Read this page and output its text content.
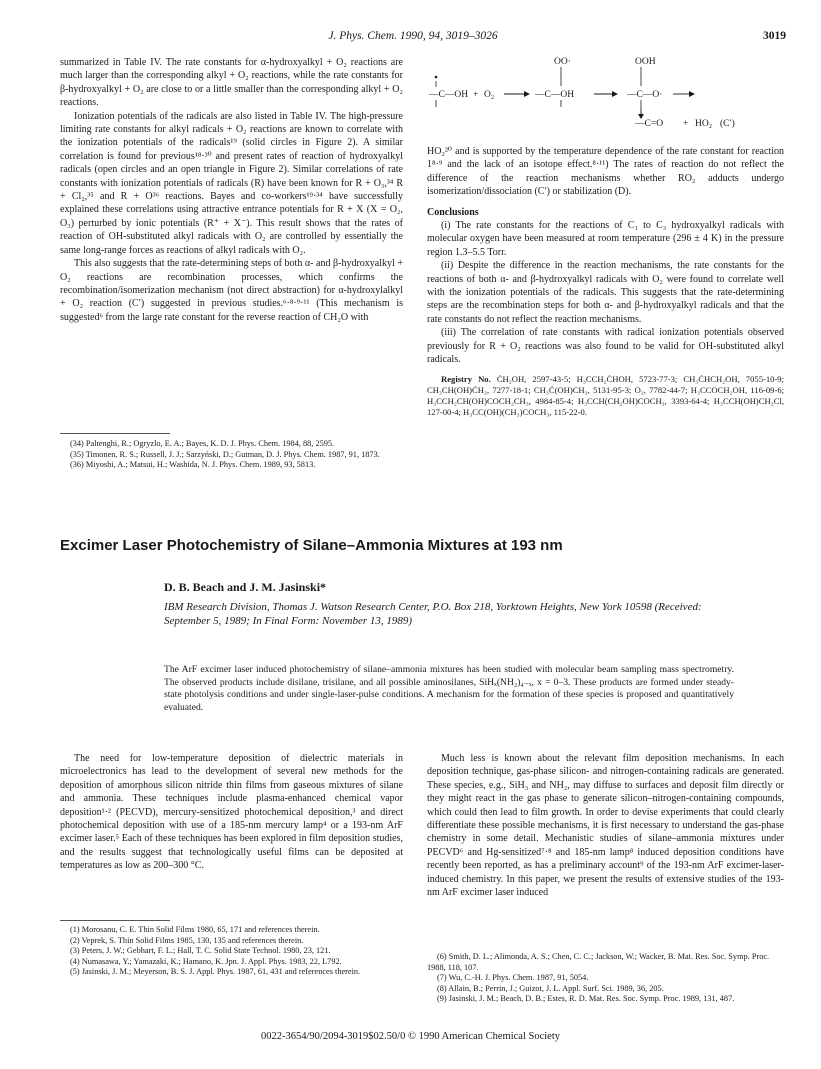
J. Phys. Chem. 1990, 94, 3019–3026	3019

summarized in Table IV. The rate constants for α-hydroxyalkyl + O₂ reactions are much larger than the corresponding alkyl + O₂ reactions, while the rate constants for β-hydroxyalkyl + O₂ are close to or a little smaller than the corresponding alkyl + O₂ reactions.

Ionization potentials of the radicals are also listed in Table IV. The high-pressure limiting rate constants for alkyl radicals + O₂ reactions are known to correlate with the ionization potentials of the radicals¹⁹ (solid circles in Figure 2). A similar correlation is found for previous¹⁸·³⁰ and present rates of reaction of hydroxyalkyl radicals (open circles and an open triangle in Figure 2). Similar correlations of rate constants with ionization potentials of radicals (R) have been known for R + O₃,³⁴ R + Cl₂,³⁵ and R + O³⁶ reactions. Bayes and co-workers¹⁹·³⁴ have successfully explained these correlations using attractive entrance potentials for R + X (X = O₂, O₃) perturbed by ionic potentials (R⁺ + X⁻). This result shows that the rates of reaction of OH-substituted alkyl radicals with O₂ are controlled by essentially the same long-range forces as reactions of alkyl radicals with O₂.

This also suggests that the rate-determining steps of both α- and β-hydroxyalkyl + O₂ reactions are recombination processes, which confirms the recombination/isomerization mechanism (not direct abstraction) for α-hydroxylalkyl + O₂ reaction (C′) suggested in previous studies.⁶·⁸·⁹·¹¹ (This mechanism is suggested⁶ from the large rate constant for the reverse reaction of CH₂O with

(34) Paltenghi, R.; Ogryzlo, E. A.; Bayes, K. D. J. Phys. Chem. 1984, 88, 2595.

(35) Timonen, R. S.; Russell, J. J.; Sarzyński, D.; Gutman, D. J. Phys. Chem. 1987, 91, 1873.

(36) Miyoshi, A.; Matsui, H.; Washida, N. J. Phys. Chem. 1989, 93, 5813.

—C—OH + O₂
OO·
—C—OH
OOH
—C—O·
—C=O + HO₂ (C′)

HO₂²⁰ and is supported by the temperature dependence of the rate constant for reaction 1⁸·⁹ and the lack of an isotope effect.⁸·¹¹) The rates of reaction do not reflect the difference of the reaction mechanisms whether RO₂ adducts undergo isomerization/dissociation (C′) or stabilization (D).

Conclusions

(i) The rate constants for the reactions of C₁ to C₃ hydroxyalkyl radicals with molecular oxygen have been measured at room temperature (296 ± 4 K) in the pressure region 1.3–5.5 Torr.

(ii) Despite the difference in the reaction mechanisms, the rate constants for the reactions of both α- and β-hydroxyalkyl radicals with O₂ were found to correlate well with the ionization potentials of the radicals. This suggests that the rate-determining steps are the recombination steps for both α- and β-hydroxyalkyl radicals and that the rate constants do not reflect the reaction mechanisms.

(iii) The correlation of rate constants with radical ionization potentials observed previously for R + O₂ reactions was also found to be valid for OH-substituted alkyl radicals.

Registry No. ĊH₂OH, 2597-43-5; H₃CCH₂ĊHOH, 5723-77-3; CH₃ĊHCH₂OH, 7055-10-9; CH₃CH(OH)ĊH₂, 7277-18-1; CH₃Ċ(OH)CH₃, 5131-95-3; O₂, 7782-44-7; H₃CCOCH₂OH, 116-09-6; H₃CCH₂CH(OH)COCH₂CH₃, 4984-85-4; H₃CCH(CH₂OH)COCH₃, 3393-64-4; H₃CCH(OH)CH₂Cl, 127-00-4; H₃CC(OH)(CH₃)COCH₃, 115-22-0.

Excimer Laser Photochemistry of Silane–Ammonia Mixtures at 193 nm
D. B. Beach and J. M. Jasinski*
IBM Research Division, Thomas J. Watson Research Center, P.O. Box 218, Yorktown Heights, New York 10598 (Received: September 5, 1989; In Final Form: November 13, 1989)
The ArF excimer laser induced photochemistry of silane–ammonia mixtures has been studied with molecular beam sampling mass spectrometry. The observed products include disilane, trisilane, and all possible aminosilanes, SiHₓ(NH₂)₄₋ₓ, x = 0–3. These products are formed under steady-state photolysis conditions and under single-laser-pulse conditions. A mechanism for the formation of these species is proposed and quantitatively evaluated.

The need for low-temperature deposition of dielectric materials in microelectronics has lead to the development of several new methods for the deposition of amorphous silicon nitride thin films from gaseous mixtures of silane and ammonia. These techniques include plasma-enhanced chemical vapor deposition¹·² (PECVD), mercury-sensitized photochemical deposition,³ and direct photochemical deposition with use of a 185-nm mercury lamp⁴ or a 193-nm ArF excimer laser.⁵ Each of these techniques has been explored in film deposition studies, and the results suggest that technologically useful films can be deposited at temperatures as low as 200–300 °C.

Much less is known about the relevant film deposition mechanisms. In each deposition technique, gas-phase silicon- and nitrogen-containing radicals are generated. These species, e.g., SiH₃ and NH₂, may diffuse to surfaces and deposit film directly or they might react in the gas phase to generate silicon–nitrogen-containing compounds, which could then lead to film growth. In order to devise experiments that could clearly differentiate these possible mechanisms, it is first necessary to understand the gas-phase chemistry in some detail. Mechanistic studies of silane–ammonia mixtures under PECVD⁶ and Hg-sensitized⁷·⁸ and 185-nm lamp⁸ induced deposition conditions have recently been reported, as has a preliminary account⁹ of the 193-nm ArF excimer-laser-induced chemistry. In this paper, we present the results of extensive studies of the 193-nm ArF excimer laser induced

(1) Morosanu, C. E. Thin Solid Films 1980, 65, 171 and references therein.

(2) Veprek, S. Thin Solid Films 1985, 130, 135 and references therein.

(3) Peters, J. W.; Gebhart, F. L.; Hall, T. C. Solid State Technol. 1980, 23, 121.

(4) Numasawa, Y.; Yamazaki, K.; Hamano, K. Jpn. J. Appl. Phys. 1983, 22, L792.

(5) Jasinski, J. M.; Meyerson, B. S. J. Appl. Phys. 1987, 61, 431 and references therein.

(6) Smith, D. L.; Alimonda, A. S.; Chen, C. C.; Jackson, W.; Wacker, B. Mat. Res. Soc. Symp. Proc. 1988, 118, 107.

(7) Wu, C.-H. J. Phys. Chem. 1987, 91, 5054.

(8) Allain, B.; Perrin, J.; Guizot, J. L. Appl. Surf. Sci. 1989, 36, 205.

(9) Jasinski, J. M.; Beach, D. B.; Estes, R. D. Mat. Res. Soc. Symp. Proc. 1989, 131, 487.

0022-3654/90/2094-3019$02.50/0 © 1990 American Chemical Society
